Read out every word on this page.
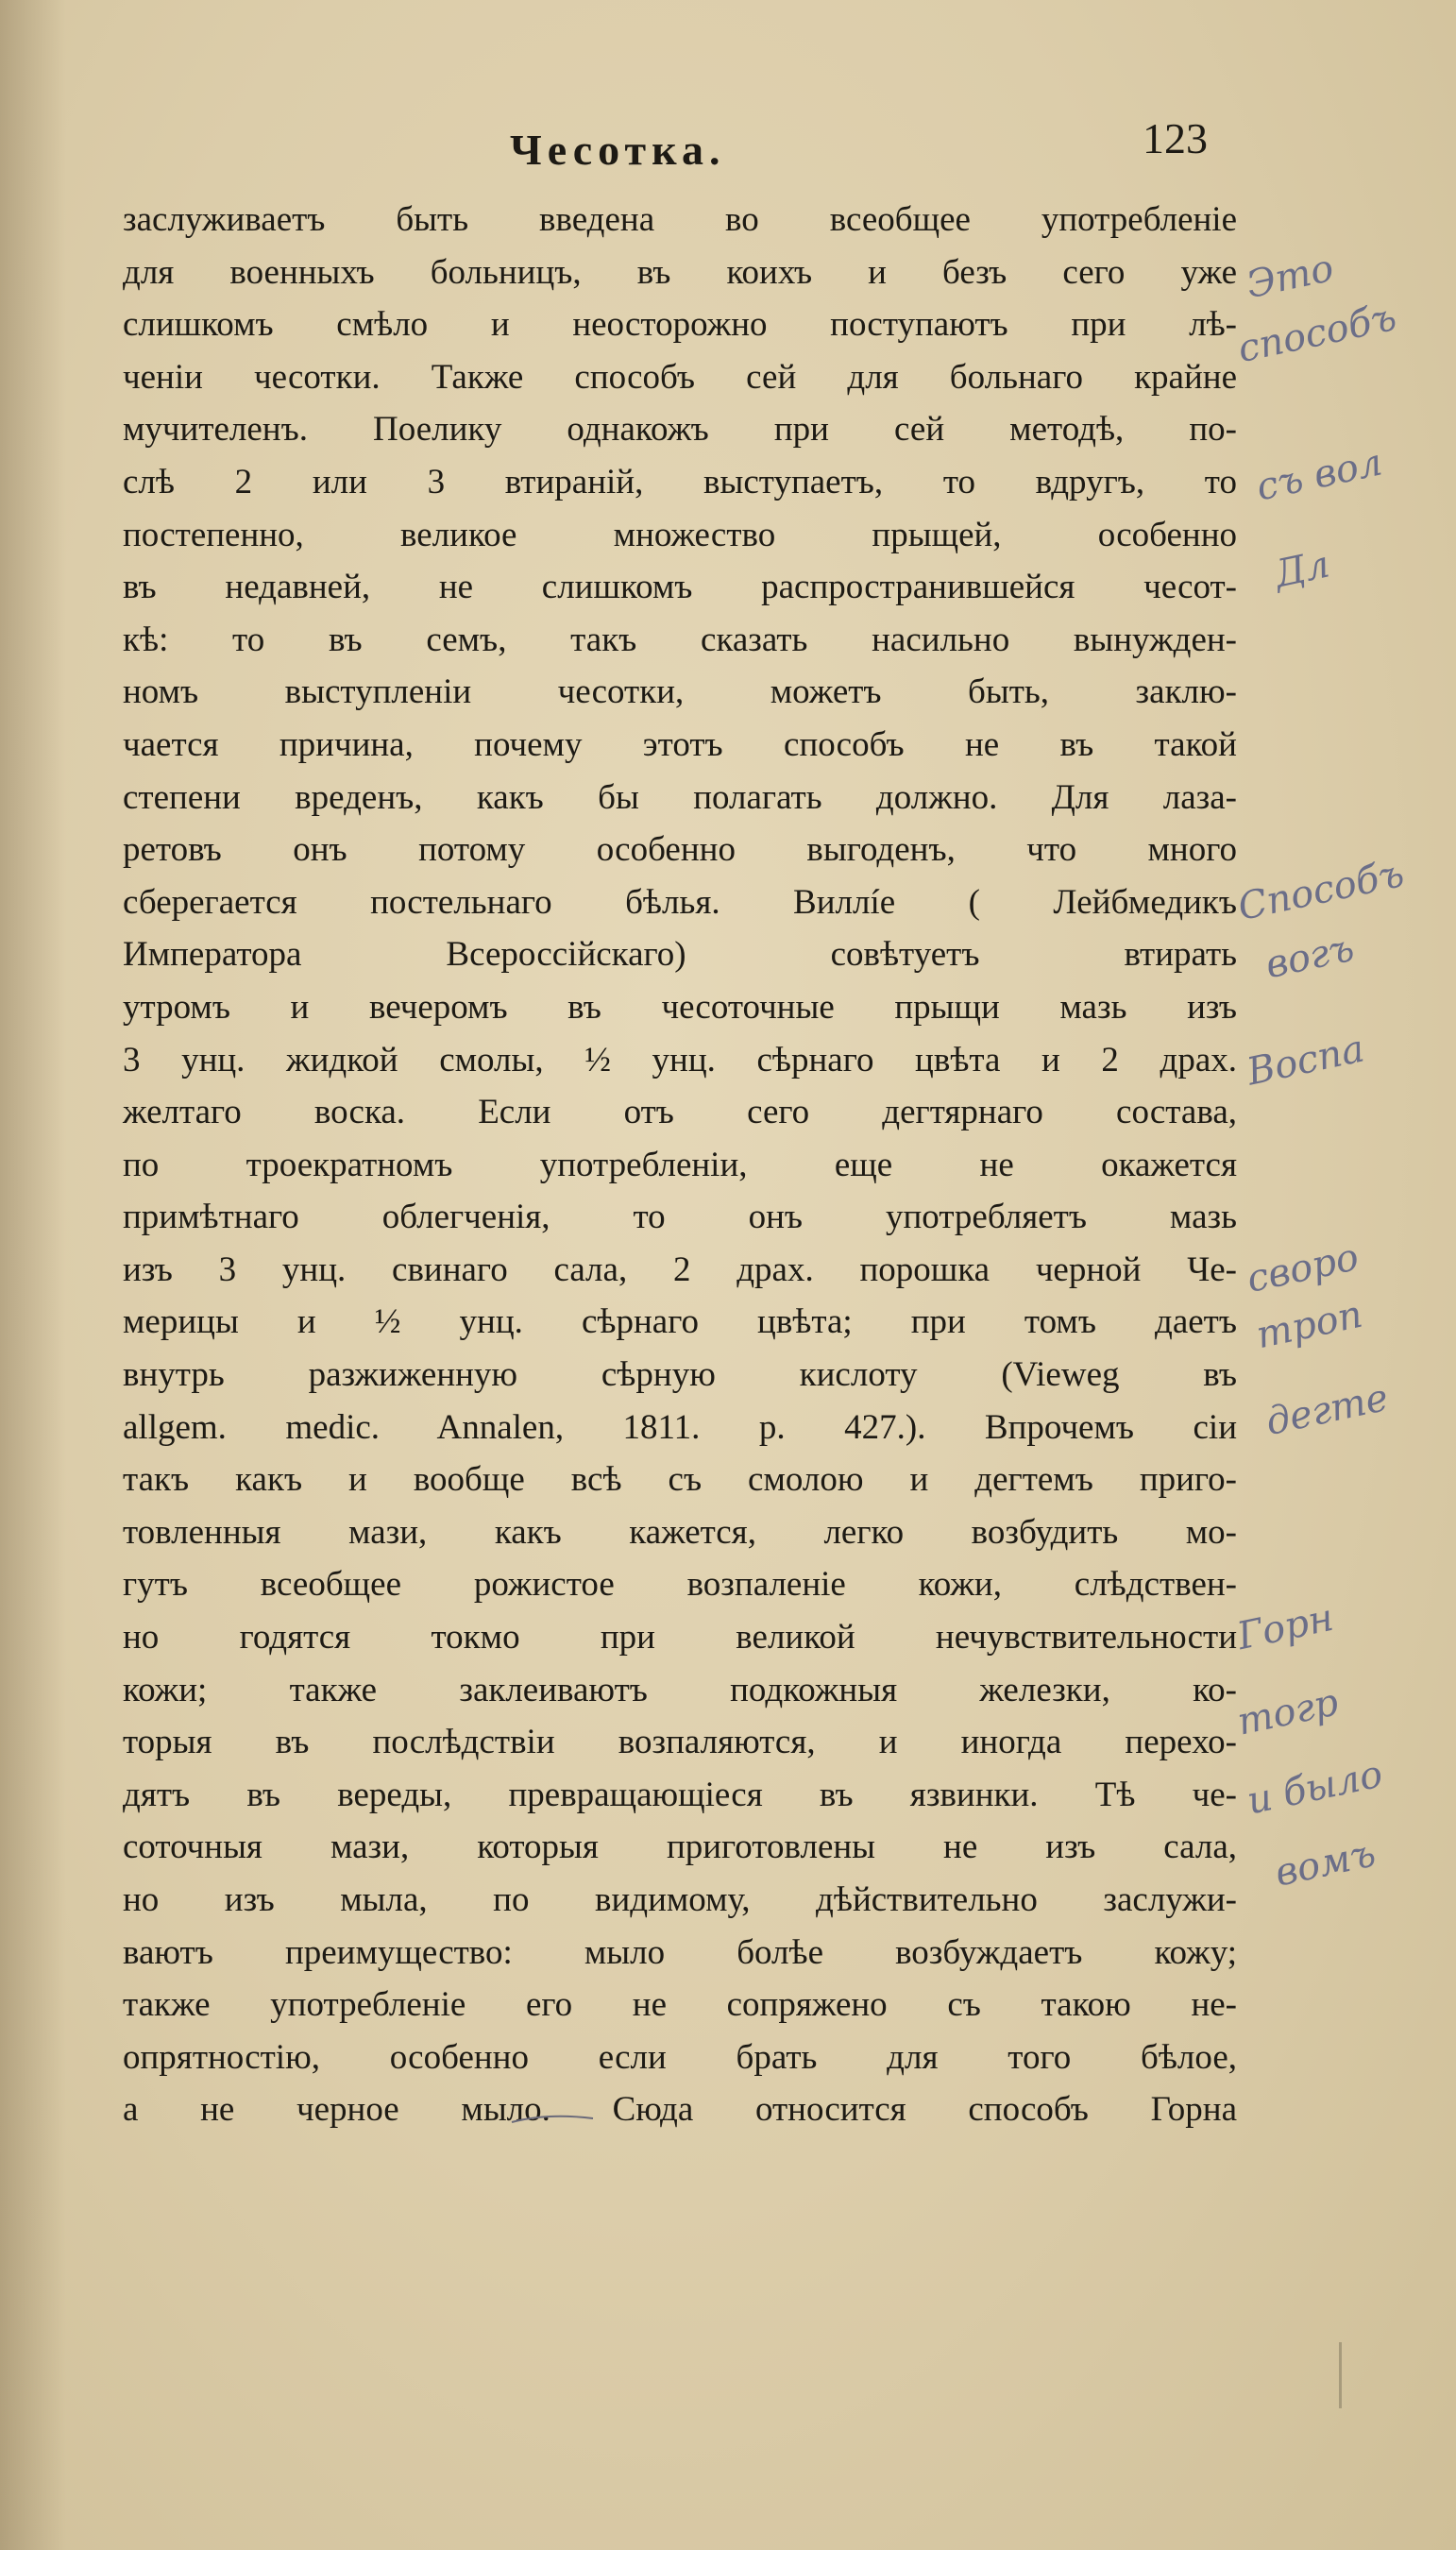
Чесотка.	123
заслуживаетъ быть введена во всеобщее употребленіе
для военныхъ больницъ, въ коихъ и безъ сего уже
слишкомъ смѣло и неосторожно поступаютъ при лѣ-
ченіи чесотки. Также способъ сей для больнаго крайне
мучителенъ. Поелику однакожъ при сей методѣ, по-
слѣ 2 или 3 втираній, выступаетъ, то вдругъ, то
постепенно, великое множество прыщей, особенно
въ недавней, не слишкомъ распространившейся чесот-
кѣ: то въ семъ, такъ сказать насильно вынужден-
номъ выступленіи чесотки, можетъ быть, заклю-
чается причина, почему этотъ способъ не въ такой
степени вреденъ, какъ бы полагать должно. Для лаза-
ретовъ онъ потому особенно выгоденъ, что много
сберегается постельнаго бѣлья. Виллíе ( Лейбмедикъ
Императора Всероссійскаго) совѣтуетъ втирать
утромъ и вечеромъ въ чесоточные прыщи мазь изъ
3 унц. жидкой смолы, ½ унц. сѣрнаго цвѣта и 2 драх.
желтаго воска. Если отъ сего дегтярнаго состава,
по троекратномъ употребленіи, еще не окажется
примѣтнаго облегченія, то онъ употребляетъ мазь
изъ 3 унц. свинаго сала, 2 драх. порошка черной Че-
мерицы и ½ унц. сѣрнаго цвѣта; при томъ даетъ
внутрь разжиженную сѣрную кислоту (Vieweg въ
allgem. medic. Annalen, 1811. p. 427.). Впрочемъ сіи
такъ какъ и вообще всѣ съ смолою и дегтемъ приго-
товленныя мази, какъ кажется, легко возбудить мо-
гутъ всеобщее рожистое возпаленіе кожи, слѣдствен-
но годятся токмо при великой нечувствительности
кожи; также заклеиваютъ подкожныя железки, ко-
торыя въ послѣдствіи возпаляются, и иногда перехо-
дятъ въ вереды, превращающіеся въ язвинки. Тѣ че-
соточныя мази, которыя приготовлены не изъ сала,
но изъ мыла, по видимому, дѣйствительно заслужи-
ваютъ преимущество: мыло болѣе возбуждаетъ кожу;
также употребленіе его не сопряжено съ такою не-
опрятностію, особенно если брать для того бѣлое,
а не черное мыло. Сюда относится способъ Горна
Это
способъ
съ вол
Дл
Способъ
вогъ
Воспа
своро
троп
дегте
Горн
тогр
и было
вомъ
